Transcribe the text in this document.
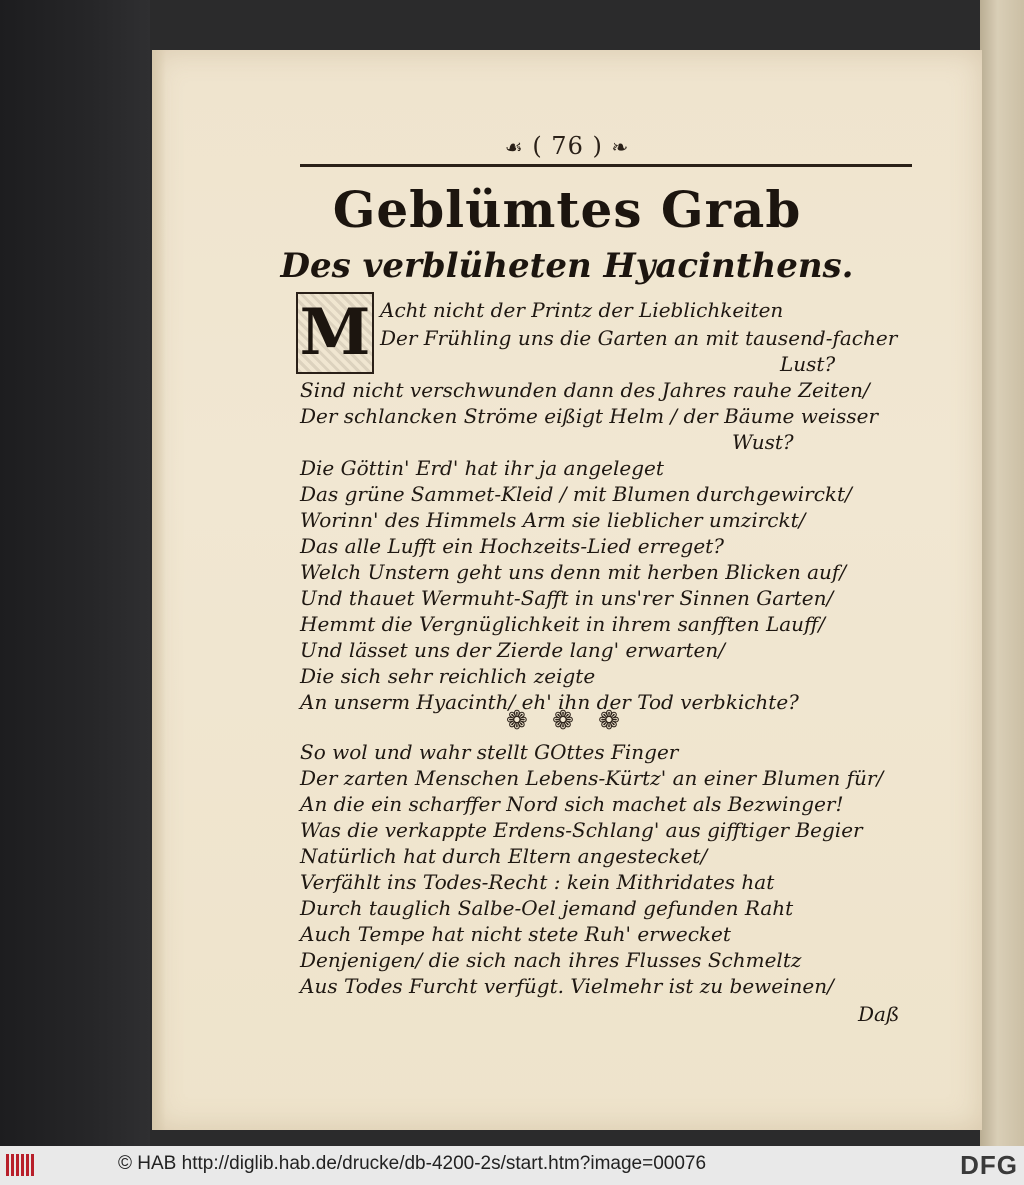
☙ ( 76 ) ❧
Geblümtes Grab
Des verblüheten Hyacinthens.
M Acht nicht der Printz der Lieblichkeiten
Der Frühling uns die Garten an mit tausend-facher
Lust?
Sind nicht verschwunden dann des Jahres rauhe Zeiten/
Der schlancken Ströme eißigt Helm / der Bäume weisser
Wust?
Die Göttin' Erd' hat ihr ja angeleget
Das grüne Sammet-Kleid / mit Blumen durchgewirckt/
Worinn' des Himmels Arm sie lieblicher umzirckt/
Das alle Lufft ein Hochzeits-Lied erreget?
Welch Unstern geht uns denn mit herben Blicken auf/
Und thauet Wermuht-Safft in uns'rer Sinnen Garten/
Hemmt die Vergnüglichkeit in ihrem sanfften Lauff/
Und lässet uns der Zierde lang' erwarten/
Die sich sehr reichlich zeigte
An unserm Hyacinth/ eh' ihn der Tod verbkichte?
❁ ❁ ❁
So wol und wahr stellt GOttes Finger
Der zarten Menschen Lebens-Kürtz' an einer Blumen für/
An die ein scharffer Nord sich machet als Bezwinger!
Was die verkappte Erdens-Schlang' aus gifftiger Begier
Natürlich hat durch Eltern angestecket/
Verfählt ins Todes-Recht : kein Mithridates hat
Durch tauglich Salbe-Oel jemand gefunden Raht
Auch Tempe hat nicht stete Ruh' erwecket
Denjenigen/ die sich nach ihres Flusses Schmeltz
Aus Todes Furcht verfügt. Vielmehr ist zu beweinen/
Daß
© HAB http://diglib.hab.de/drucke/db-4200-2s/start.htm?image=00076	DFG
